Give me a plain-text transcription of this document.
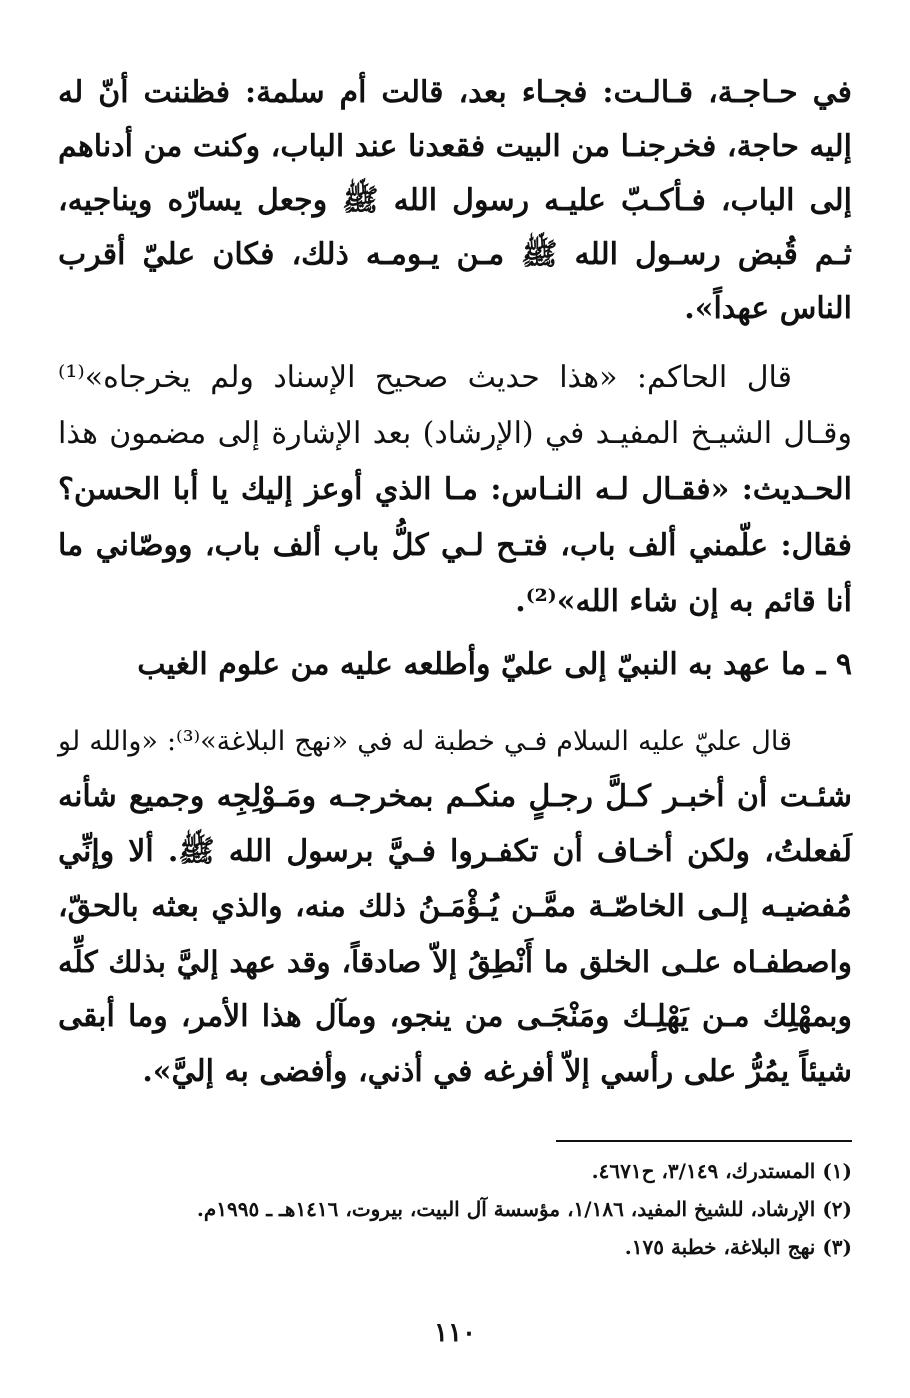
في حـاجـة، قـالـت: فجـاء بعد، قالت أم سلمة: فظننت أنّ له
إليه حاجة، فخرجنـا من البيت فقعدنا عند الباب، وكنت من أدناهم
إلى الباب، فـأكـبّ عليـه رسول الله ﷺ وجعل يسارّه ويناجيه،
ثـم قُبض رسـول الله ﷺ مـن يـومـه ذلك، فكان عليّ أقرب
الناس عهداً».
قال الحاكم: «هذا حديث صحيح الإسناد ولم يخرجاه»⁽¹⁾
وقـال الشيـخ المفيـد في (الإرشاد) بعد الإشارة إلى مضمون هذا
الحـديث: «فقـال لـه النـاس: مـا الذي أوعز إليك يا أبا الحسن؟
فقال: علّمني ألف باب، فتـح لـي كلُّ باب ألف باب، ووصّاني ما
أنا قائم به إن شاء الله»⁽²⁾.
٩ ـ ما عهد به النبيّ إلى عليّ وأطلعه عليه من علوم الغيب
قال عليّ عليه السلام فـي خطبة له في «نهج البلاغة»⁽³⁾: «والله لو
شئـت أن أخبـر كـلَّ رجـلٍ منكـم بمخرجـه ومَـوْلِجِه وجميع شأنه
لَفعلتُ، ولكن أخـاف أن تكفـروا فـيَّ برسول الله ﷺ. ألا وإنِّي
مُفضيـه إلـى الخاصّـة ممَّـن يُـؤْمَـنُ ذلك منه، والذي بعثه بالحقّ،
واصطفـاه علـى الخلق ما أَنْطِقُ إلاّ صادقاً، وقد عهد إليَّ بذلك كلِّه
وبمهْلِك مـن يَهْلِـك ومَنْجَـى من ينجو، ومآل هذا الأمر، وما أبقى
شيئاً يمُرُّ على رأسي إلاّ أفرغه في أذني، وأفضى به إليَّ».
(١) المستدرك، ٣/١٤٩، ح٤٦٧١.
(٢) الإرشاد، للشيخ المفيد، ١/١٨٦، مؤسسة آل البيت، بيروت، ١٤١٦هـ ـ ١٩٩٥م.
(٣) نهج البلاغة، خطبة ١٧٥.
١١٠
